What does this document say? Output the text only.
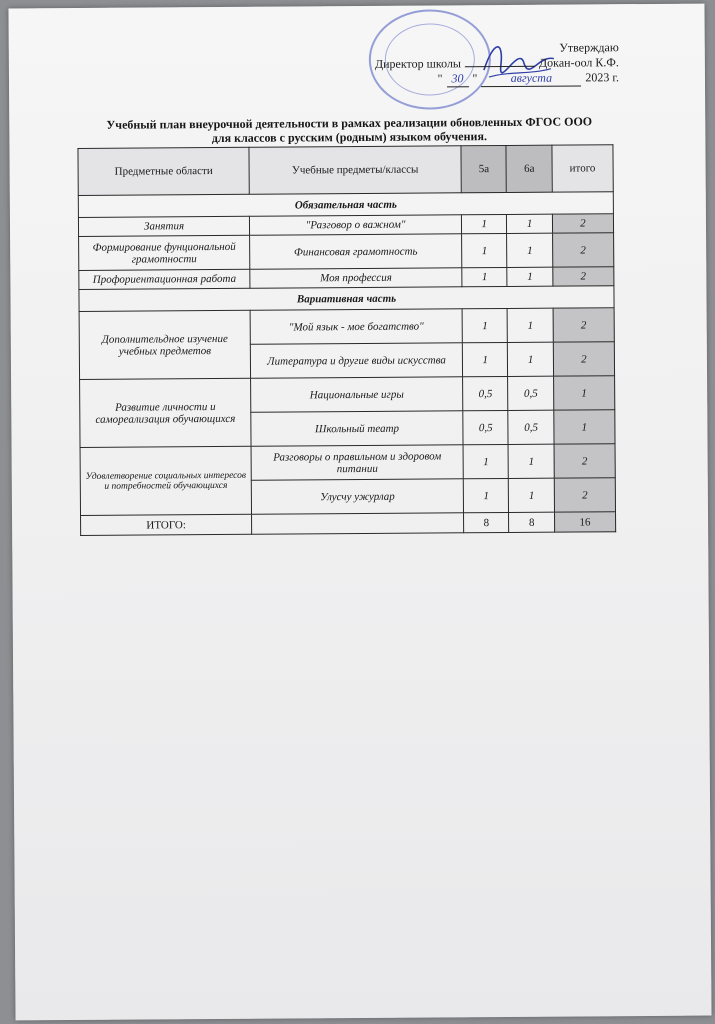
Утверждаю
Директор школы	Докан-оол К.Ф.
" 30 "	августа	2023 г.
Учебный план внеурочной деятельности в рамках реализации обновленных ФГОС ООО
для классов с русским (родным) языком обучения.
Предметные области	Учебные предметы/классы	5а	6а	итого
Обязательная часть				
Занятия	"Разговор о важном"	1	1	2
Формирование фунциональной грамотности	Финансовая грамотность	1	1	2
Профориентационная работа	Моя профессия	1	1	2
Вариативная часть				
Дополнительдное изучение учебных предметов	"Мой язык - мое богатство"	1	1	2
	Литература и другие виды искусства	1	1	2
Развитие личности и самореализация обучающихся	Национальные игры	0,5	0,5	1
	Школьный театр	0,5	0,5	1
Удовлетворение социальных интересов и потребностей обучающихся	Разговоры о правильном и здоровом питании	1	1	2
	Улусчу ужурлар	1	1	2
ИТОГО:		8	8	16
